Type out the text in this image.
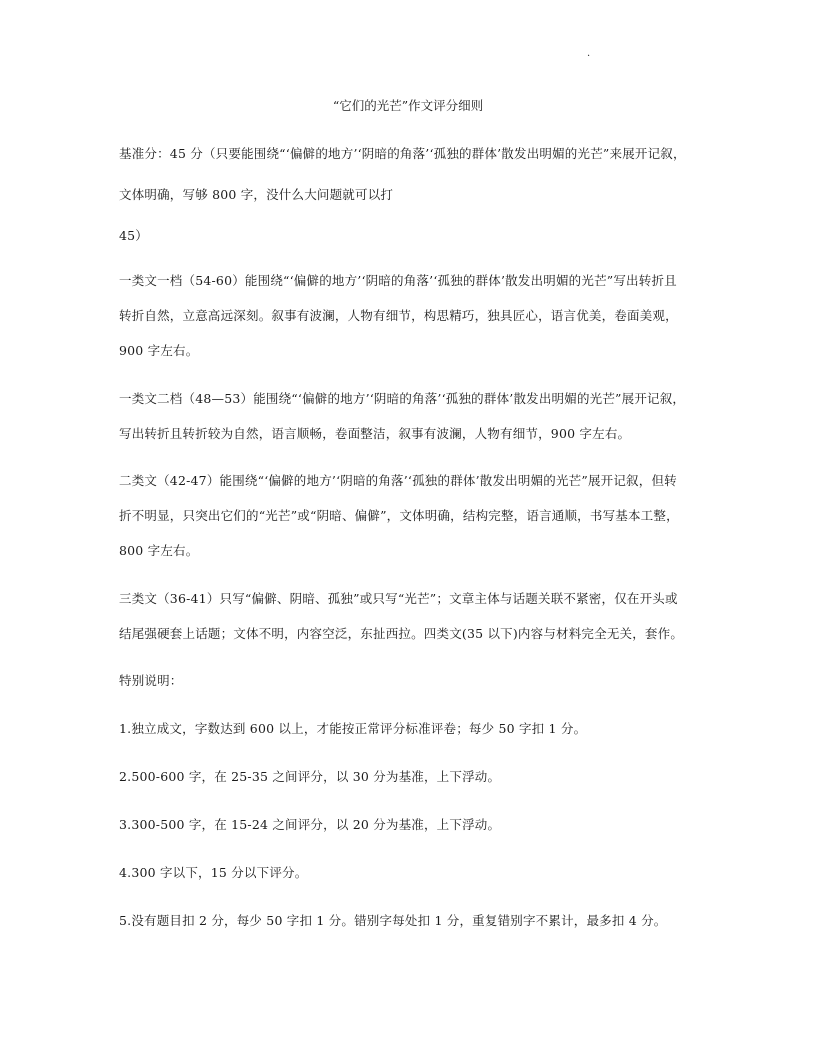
·
“它们的光芒”作文评分细则
基准分：45 分（只要能围绕“‘偏僻的地方’‘阴暗的角落’‘孤独的群体’散发出明媚的光芒”来展开记叙，
文体明确，写够 800 字，没什么大问题就可以打
45）
一类文一档（54-60）能围绕“‘偏僻的地方’‘阴暗的角落’‘孤独的群体’散发出明媚的光芒”写出转折且
转折自然，立意高远深刻。叙事有波澜，人物有细节，构思精巧，独具匠心，语言优美，卷面美观，
900 字左右。
一类文二档（48—53）能围绕“‘偏僻的地方’‘阴暗的角落’‘孤独的群体’散发出明媚的光芒”展开记叙，
写出转折且转折较为自然，语言顺畅，卷面整洁，叙事有波澜，人物有细节，900 字左右。
二类文（42-47）能围绕“‘偏僻的地方’‘阴暗的角落’‘孤独的群体’散发出明媚的光芒”展开记叙，但转
折不明显，只突出它们的“光芒”或“阴暗、偏僻”，文体明确，结构完整，语言通顺，书写基本工整，
800 字左右。
三类文（36-41）只写“偏僻、阴暗、孤独”或只写“光芒”；文章主体与话题关联不紧密，仅在开头或
结尾强硬套上话题；文体不明，内容空泛，东扯西拉。四类文(35 以下)内容与材料完全无关，套作。
特别说明：
1.独立成文，字数达到 600 以上，才能按正常评分标准评卷；每少 50 字扣 1 分。
2.500-600 字，在 25-35 之间评分，以 30 分为基准，上下浮动。
3.300-500 字，在 15-24 之间评分，以 20 分为基准，上下浮动。
4.300 字以下，15 分以下评分。
5.没有题目扣 2 分，每少 50 字扣 1 分。错别字每处扣 1 分，重复错别字不累计，最多扣 4 分。
